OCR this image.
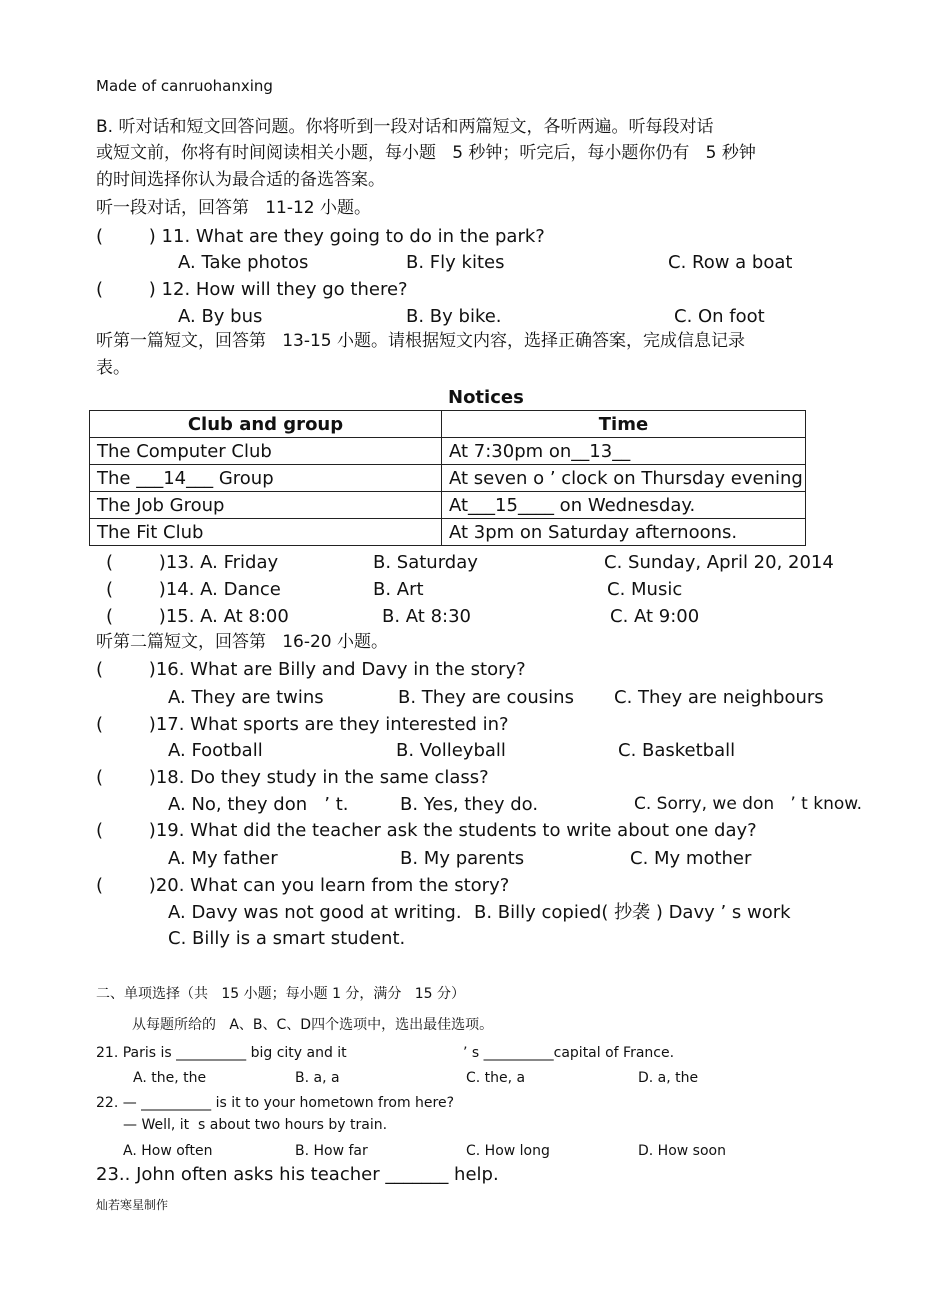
Made of canruohanxing
B. 听对话和短文回答问题。你将听到一段对话和两篇短文，各听两遍。听每段对话
或短文前，你将有时间阅读相关小题，每小题   5 秒钟；听完后，每小题你仍有   5 秒钟
的时间选择你认为最合适的备选答案。
听一段对话，回答第   11-12 小题。
(        ) 11. What are they going to do in the park?
A. Take photos	B. Fly kites	C. Row a boat
(        ) 12. How will they go there?
A. By bus	B. By bike.	C. On foot
听第一篇短文，回答第   13-15 小题。请根据短文内容，选择正确答案，完成信息记录
表。
Notices
Club and group	Time
The Computer Club	At 7:30pm on__13__
The ___14___ Group	At seven o ’ clock on Thursday evening
The Job Group	At___15____ on Wednesday.
The Fit Club	At 3pm on Saturday afternoons.
(        )13. A. Friday	B. Saturday	C. Sunday, April 20, 2014
(        )14. A. Dance	B. Art	C. Music
(        )15. A. At 8:00	B. At 8:30	C. At 9:00
听第二篇短文，回答第   16-20 小题。
(        )16. What are Billy and Davy in the story?
A. They are twins	B. They are cousins C. They are neighbours
(        )17. What sports are they interested in?
A. Football	B. Volleyball	C. Basketball
(        )18. Do they study in the same class?
A. No, they don   ’ t.	B. Yes, they do.	C. Sorry, we don   ’ t know.
(        )19. What did the teacher ask the students to write about one day?
A. My father	B. My parents	C. My mother
(        )20. What can you learn from the story?
A. Davy was not good at writing. B. Billy copied( 抄袭 ) Davy ’ s work
C. Billy is a smart student.
二、单项选择（共   15 小题；每小题 1 分，满分   15 分）
从每题所给的   A、B、C、D四个选项中，选出最佳选项。
21. Paris is __________ big city and it	’ s __________capital of France.
A. the, the	B. a, a	C. the, a	D. a, the
22. — __________ is it to your hometown from here?
— Well, it  s about two hours by train.
A. How often	B. How far	C. How long	D. How soon
23.. John often asks his teacher _______ help.
灿若寒星制作
